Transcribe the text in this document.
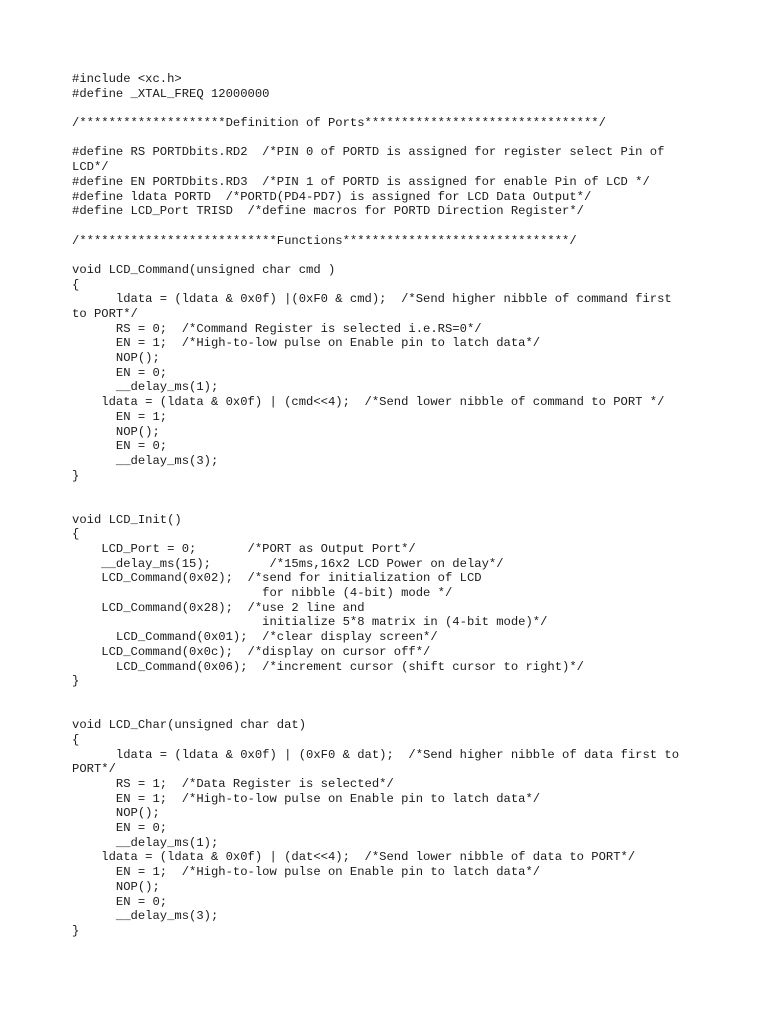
#include <xc.h>
#define _XTAL_FREQ 12000000
/********************Definition of Ports********************************/
#define RS PORTDbits.RD2  /*PIN 0 of PORTD is assigned for register select Pin of
LCD*/
#define EN PORTDbits.RD3  /*PIN 1 of PORTD is assigned for enable Pin of LCD */
#define ldata PORTD  /*PORTD(PD4-PD7) is assigned for LCD Data Output*/
#define LCD_Port TRISD  /*define macros for PORTD Direction Register*/
/***************************Functions*******************************/
void LCD_Command(unsigned char cmd )
{
ldata = (ldata & 0x0f) |(0xF0 & cmd);  /*Send higher nibble of command first
to PORT*/
RS = 0;  /*Command Register is selected i.e.RS=0*/
EN = 1;  /*High-to-low pulse on Enable pin to latch data*/
NOP();
EN = 0;
__delay_ms(1);
ldata = (ldata & 0x0f) | (cmd<<4);  /*Send lower nibble of command to PORT */
EN = 1;
NOP();
EN = 0;
__delay_ms(3);
}
void LCD_Init()
{
LCD_Port = 0;       /*PORT as Output Port*/
__delay_ms(15);        /*15ms,16x2 LCD Power on delay*/
LCD_Command(0x02);  /*send for initialization of LCD
for nibble (4-bit) mode */
LCD_Command(0x28);  /*use 2 line and
initialize 5*8 matrix in (4-bit mode)*/
LCD_Command(0x01);  /*clear display screen*/
LCD_Command(0x0c);  /*display on cursor off*/
LCD_Command(0x06);  /*increment cursor (shift cursor to right)*/
}
void LCD_Char(unsigned char dat)
{
ldata = (ldata & 0x0f) | (0xF0 & dat);  /*Send higher nibble of data first to
PORT*/
RS = 1;  /*Data Register is selected*/
EN = 1;  /*High-to-low pulse on Enable pin to latch data*/
NOP();
EN = 0;
__delay_ms(1);
ldata = (ldata & 0x0f) | (dat<<4);  /*Send lower nibble of data to PORT*/
EN = 1;  /*High-to-low pulse on Enable pin to latch data*/
NOP();
EN = 0;
__delay_ms(3);
}
